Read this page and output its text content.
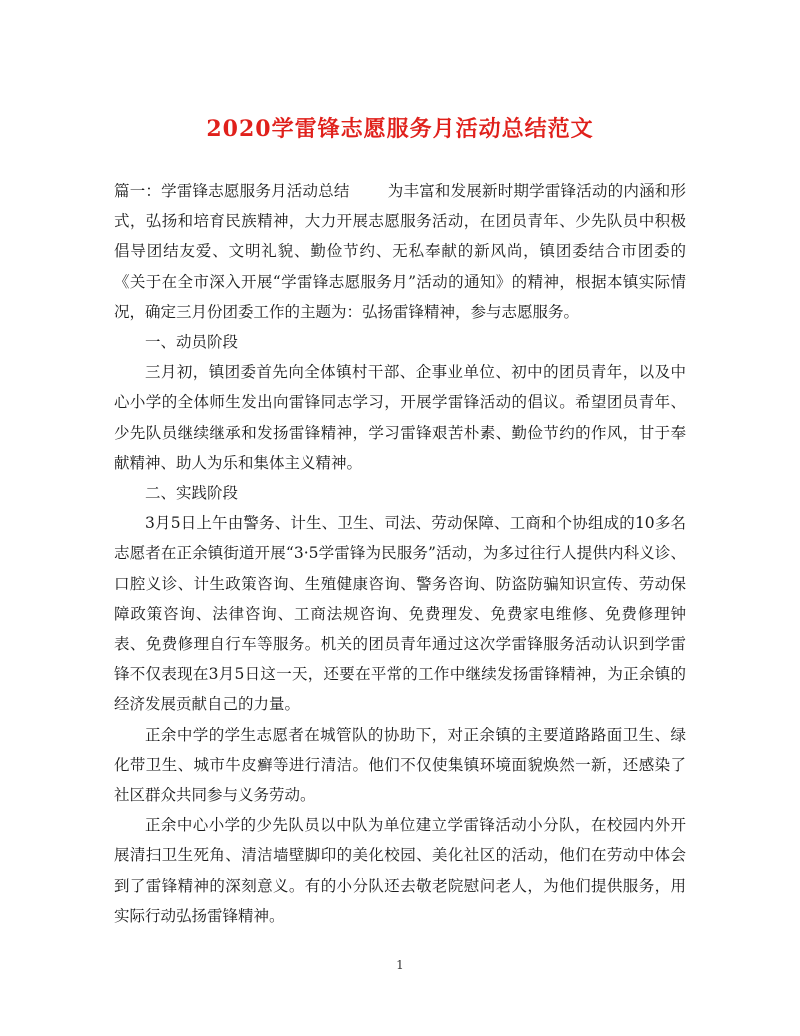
2020学雷锋志愿服务月活动总结范文

篇一：学雷锋志愿服务月活动总结 为丰富和发展新时期学雷锋活动的内涵和形式，弘扬和培育民族精神，大力开展志愿服务活动，在团员青年、少先队员中积极倡导团结友爱、文明礼貌、勤俭节约、无私奉献的新风尚，镇团委结合市团委的《关于在全市深入开展“学雷锋志愿服务月”活动的通知》的精神，根据本镇实际情况，确定三月份团委工作的主题为：弘扬雷锋精神，参与志愿服务。

一、动员阶段

三月初，镇团委首先向全体镇村干部、企事业单位、初中的团员青年，以及中心小学的全体师生发出向雷锋同志学习，开展学雷锋活动的倡议。希望团员青年、少先队员继续继承和发扬雷锋精神，学习雷锋艰苦朴素、勤俭节约的作风，甘于奉献精神、助人为乐和集体主义精神。

二、实践阶段

3月5日上午由警务、计生、卫生、司法、劳动保障、工商和个协组成的10多名志愿者在正余镇街道开展“3·5学雷锋为民服务”活动，为多过往行人提供内科义诊、口腔义诊、计生政策咨询、生殖健康咨询、警务咨询、防盗防骗知识宣传、劳动保障政策咨询、法律咨询、工商法规咨询、免费理发、免费家电维修、免费修理钟表、免费修理自行车等服务。机关的团员青年通过这次学雷锋服务活动认识到学雷锋不仅表现在3月5日这一天，还要在平常的工作中继续发扬雷锋精神，为正余镇的经济发展贡献自己的力量。

正余中学的学生志愿者在城管队的协助下，对正余镇的主要道路路面卫生、绿化带卫生、城市牛皮癣等进行清洁。他们不仅使集镇环境面貌焕然一新，还感染了社区群众共同参与义务劳动。

正余中心小学的少先队员以中队为单位建立学雷锋活动小分队，在校园内外开展清扫卫生死角、清洁墙壁脚印的美化校园、美化社区的活动，他们在劳动中体会到了雷锋精神的深刻意义。有的小分队还去敬老院慰问老人，为他们提供服务，用实际行动弘扬雷锋精神。

1
